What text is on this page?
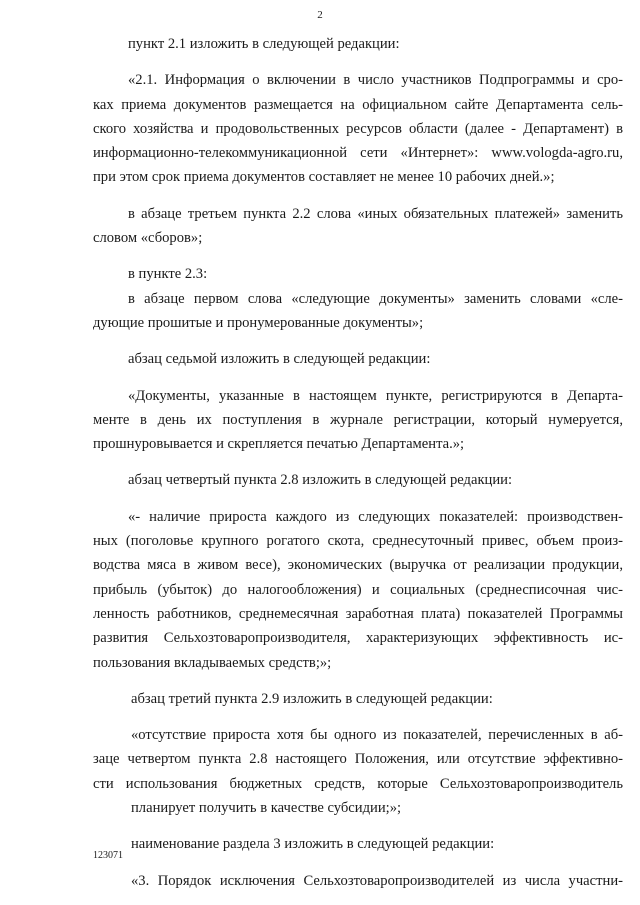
2
пункт 2.1 изложить в следующей редакции:
«2.1. Информация о включении в число участников Подпрограммы и сро-
ках приема документов размещается на официальном сайте Департамента сель-
ского хозяйства и продовольственных ресурсов области (далее - Департамент) в
информационно-телекоммуникационной сети «Интернет»: www.vologda-agro.ru,
при этом срок приема документов составляет не менее 10 рабочих дней.»;
в абзаце третьем пункта 2.2 слова «иных обязательных платежей» заменить
словом «сборов»;
в пункте 2.3:
в абзаце первом слова «следующие документы» заменить словами «сле-
дующие прошитые и пронумерованные документы»;
абзац седьмой изложить в следующей редакции:
«Документы, указанные в настоящем пункте, регистрируются в Департа-
менте в день их поступления в журнале регистрации, который нумеруется,
прошнуровывается и скрепляется печатью Департамента.»;
абзац четвертый пункта 2.8 изложить в следующей редакции:
«- наличие прироста каждого из следующих показателей: производствен-
ных (поголовье крупного рогатого скота, среднесуточный привес, объем произ-
водства мяса в живом весе), экономических (выручка от реализации продукции,
прибыль (убыток) до налогообложения) и социальных (среднесписочная чис-
ленность работников, среднемесячная заработная плата) показателей Программы
развития Сельхозтоваропроизводителя, характеризующих эффективность ис-
пользования вкладываемых средств;»;
абзац третий пункта 2.9 изложить в следующей редакции:
«отсутствие прироста хотя бы одного из показателей, перечисленных в аб-
заце четвертом пункта 2.8 настоящего Положения, или отсутствие эффективно-
сти использования бюджетных средств, которые Сельхозтоваропроизводитель
планирует получить в качестве субсидии;»;
наименование раздела 3 изложить в следующей редакции:
«3. Порядок исключения Сельхозтоваропроизводителей из числа участни-
123071
